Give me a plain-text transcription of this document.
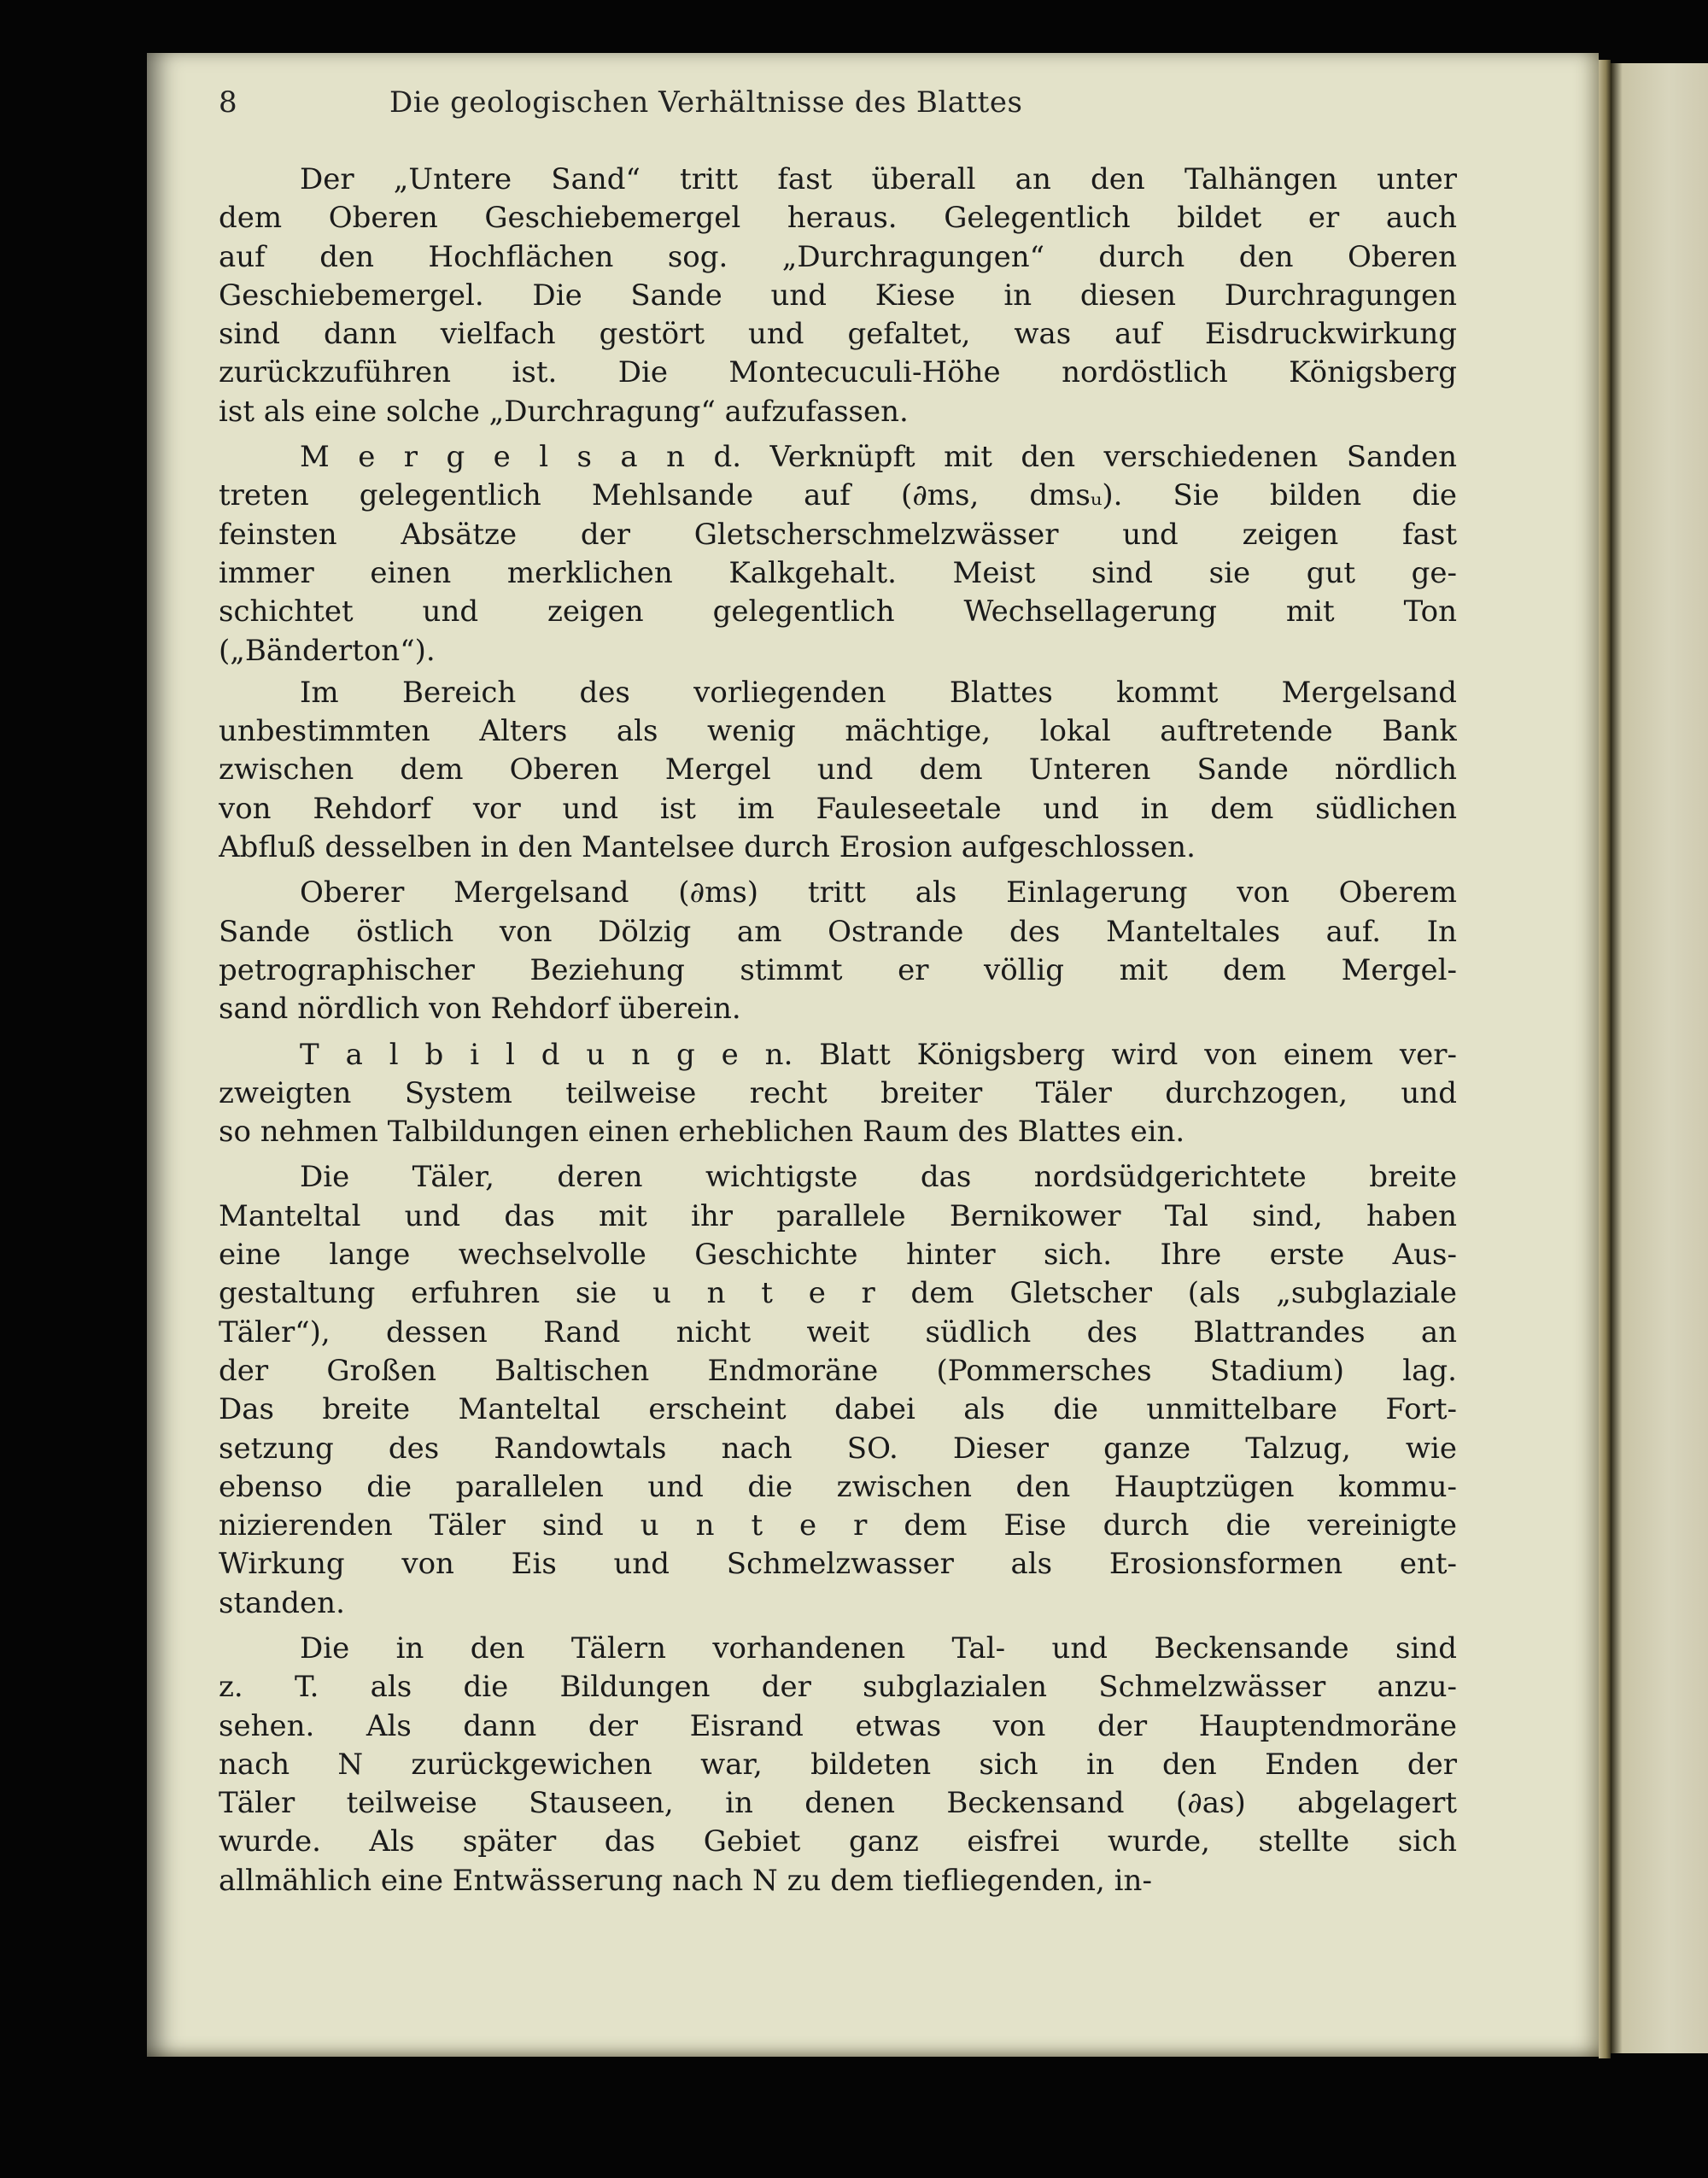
8	Die geologischen Verhältnisse des Blattes
Der „Untere Sand“ tritt fast überall an den Talhängen unter
dem Oberen Geschiebemergel heraus. Gelegentlich bildet er auch
auf den Hochflächen sog. „Durchragungen“ durch den Oberen
Geschiebemergel. Die Sande und Kiese in diesen Durchragungen
sind dann vielfach gestört und gefaltet, was auf Eisdruckwirkung
zurückzuführen ist. Die Montecuculi-Höhe nordöstlich Königsberg
ist als eine solche „Durchragung“ aufzufassen.
M e r g e l s a n d. Verknüpft mit den verschiedenen Sanden
treten gelegentlich Mehlsande auf (∂ms, dmsᵤ). Sie bilden die
feinsten Absätze der Gletscherschmelzwässer und zeigen fast
immer einen merklichen Kalkgehalt. Meist sind sie gut ge-
schichtet und zeigen gelegentlich Wechsellagerung mit Ton
(„Bänderton“).
Im Bereich des vorliegenden Blattes kommt Mergelsand
unbestimmten Alters als wenig mächtige, lokal auftretende Bank
zwischen dem Oberen Mergel und dem Unteren Sande nördlich
von Rehdorf vor und ist im Fauleseetale und in dem südlichen
Abfluß desselben in den Mantelsee durch Erosion aufgeschlossen.
Oberer Mergelsand (∂ms) tritt als Einlagerung von Oberem
Sande östlich von Dölzig am Ostrande des Manteltales auf. In
petrographischer Beziehung stimmt er völlig mit dem Mergel-
sand nördlich von Rehdorf überein.
T a l b i l d u n g e n. Blatt Königsberg wird von einem ver-
zweigten System teilweise recht breiter Täler durchzogen, und
so nehmen Talbildungen einen erheblichen Raum des Blattes ein.
Die Täler, deren wichtigste das nordsüdgerichtete breite
Manteltal und das mit ihr parallele Bernikower Tal sind, haben
eine lange wechselvolle Geschichte hinter sich. Ihre erste Aus-
gestaltung erfuhren sie u n t e r dem Gletscher (als „subglaziale
Täler“), dessen Rand nicht weit südlich des Blattrandes an
der Großen Baltischen Endmoräne (Pommersches Stadium) lag.
Das breite Manteltal erscheint dabei als die unmittelbare Fort-
setzung des Randowtals nach SO. Dieser ganze Talzug, wie
ebenso die parallelen und die zwischen den Hauptzügen kommu-
nizierenden Täler sind u n t e r dem Eise durch die vereinigte
Wirkung von Eis und Schmelzwasser als Erosionsformen ent-
standen.
Die in den Tälern vorhandenen Tal- und Beckensande sind
z. T. als die Bildungen der subglazialen Schmelzwässer anzu-
sehen. Als dann der Eisrand etwas von der Hauptendmoräne
nach N zurückgewichen war, bildeten sich in den Enden der
Täler teilweise Stauseen, in denen Beckensand (∂as) abgelagert
wurde. Als später das Gebiet ganz eisfrei wurde, stellte sich
allmählich eine Entwässerung nach N zu dem tiefliegenden, in-
